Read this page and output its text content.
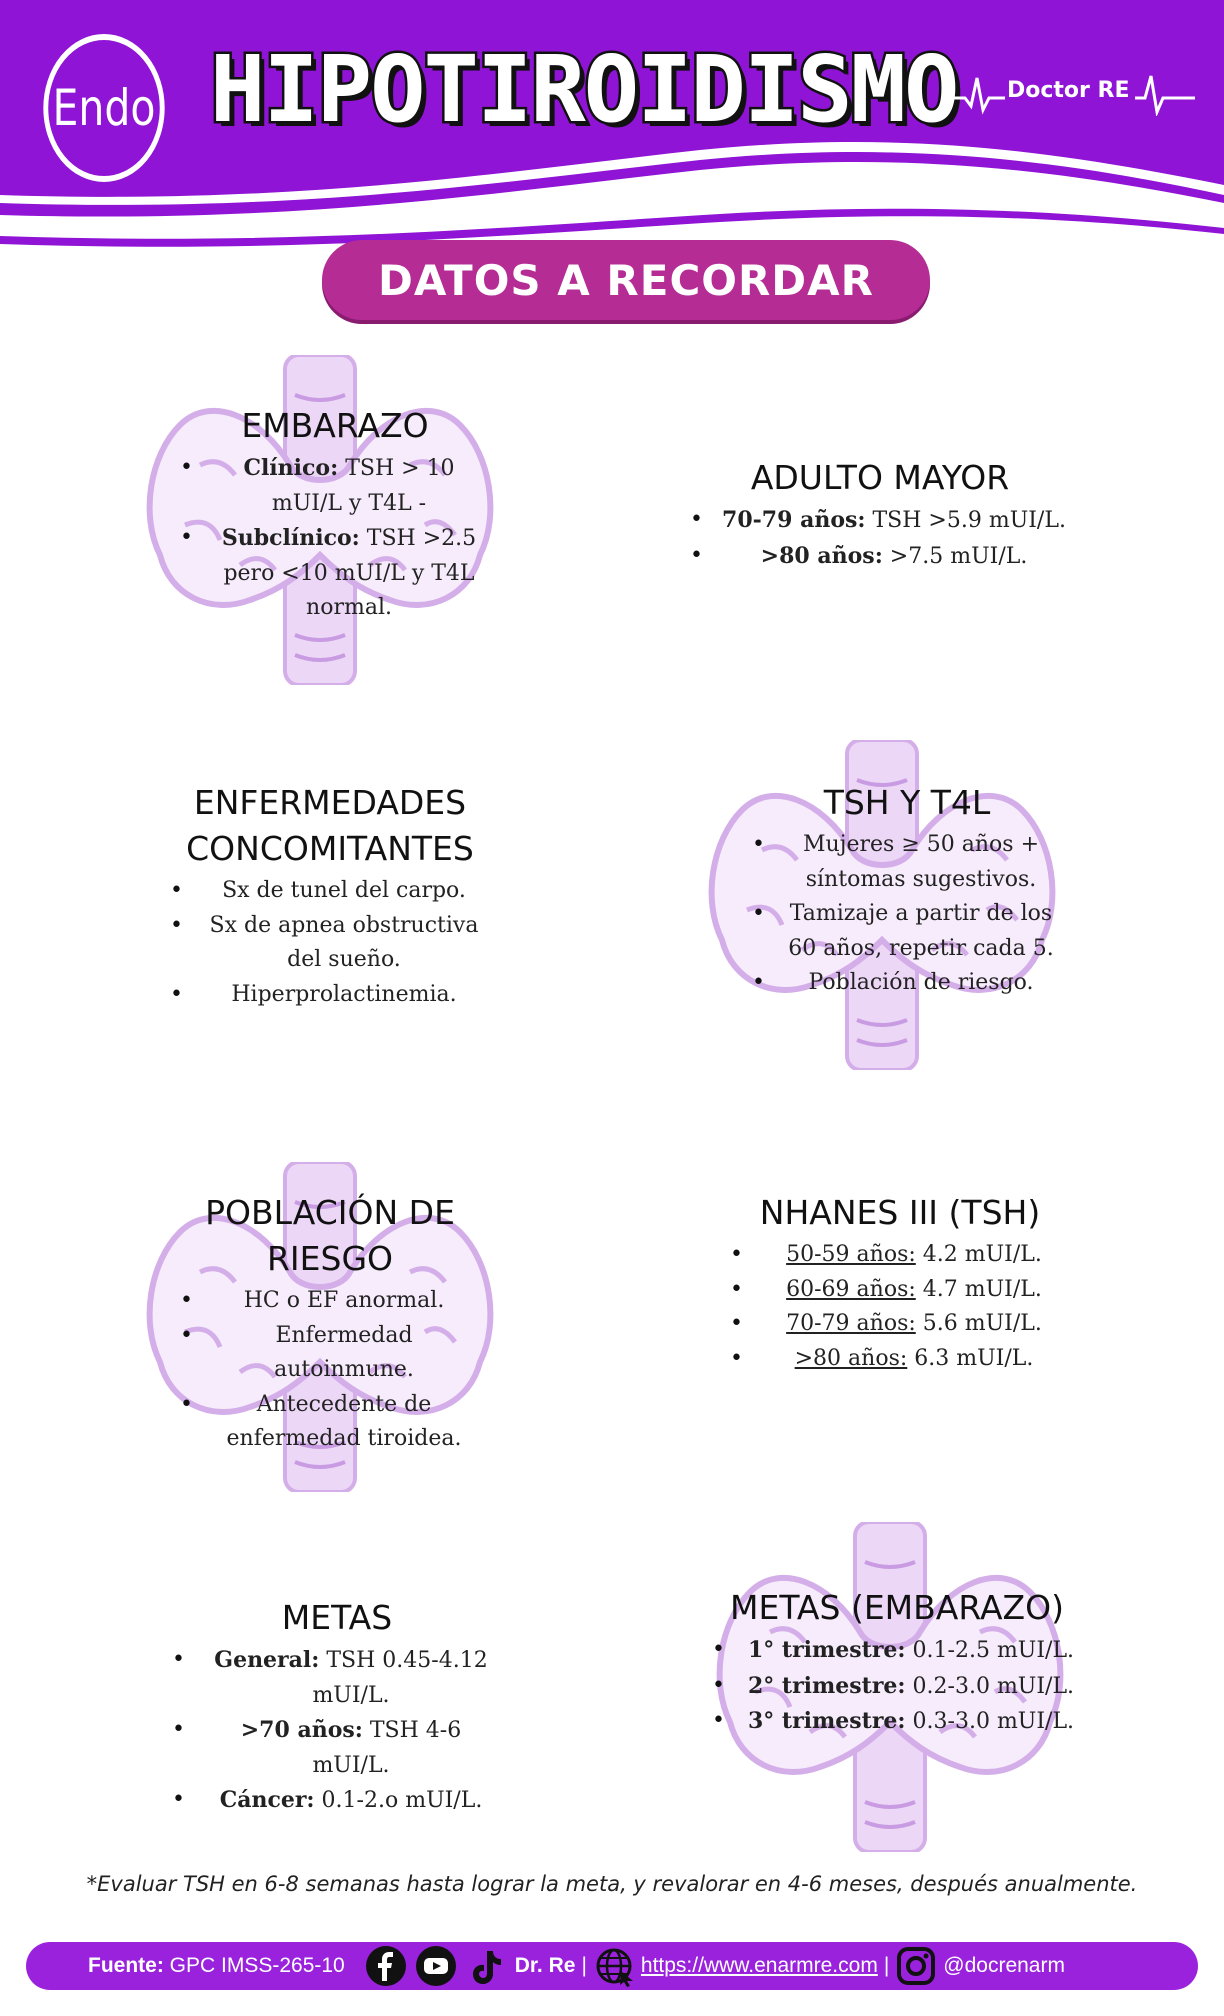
Endo HIPOTIROIDISMO Doctor RE
DATOS A RECORDAR
EMBARAZO
• Clínico: TSH > 10 mUI/L y T4L -
• Subclínico: TSH >2.5 pero <10 mUI/L y T4L normal.
ADULTO MAYOR
• 70-79 años: TSH >5.9 mUI/L.
• >80 años: >7.5 mUI/L.
ENFERMEDADES
CONCOMITANTES
• Sx de tunel del carpo.
• Sx de apnea obstructiva del sueño.
• Hiperprolactinemia.
TSH Y T4L
• Mujeres ≥ 50 años + síntomas sugestivos.
• Tamizaje a partir de los 60 años, repetir cada 5.
• Población de riesgo.
POBLACIÓN DE
RIESGO
• HC o EF anormal.
• Enfermedad autoinmune.
• Antecedente de enfermedad tiroidea.
NHANES III (TSH)
• 50-59 años: 4.2 mUI/L.
• 60-69 años: 4.7 mUI/L.
• 70-79 años: 5.6 mUI/L.
• >80 años: 6.3 mUI/L.
METAS
• General: TSH 0.45-4.12 mUI/L.
• >70 años: TSH 4-6 mUI/L.
• Cáncer: 0.1-2.o mUI/L.
METAS (EMBARAZO)
• 1° trimestre: 0.1-2.5 mUI/L.
• 2° trimestre: 0.2-3.0 mUI/L.
• 3° trimestre: 0.3-3.0 mUI/L.
*Evaluar TSH en 6-8 semanas hasta lograr la meta, y revalorar en 4-6 meses, después anualmente.
Fuente: GPC IMSS-265-10	Dr. Re |	https://www.enarmre.com |	@docrenarm
